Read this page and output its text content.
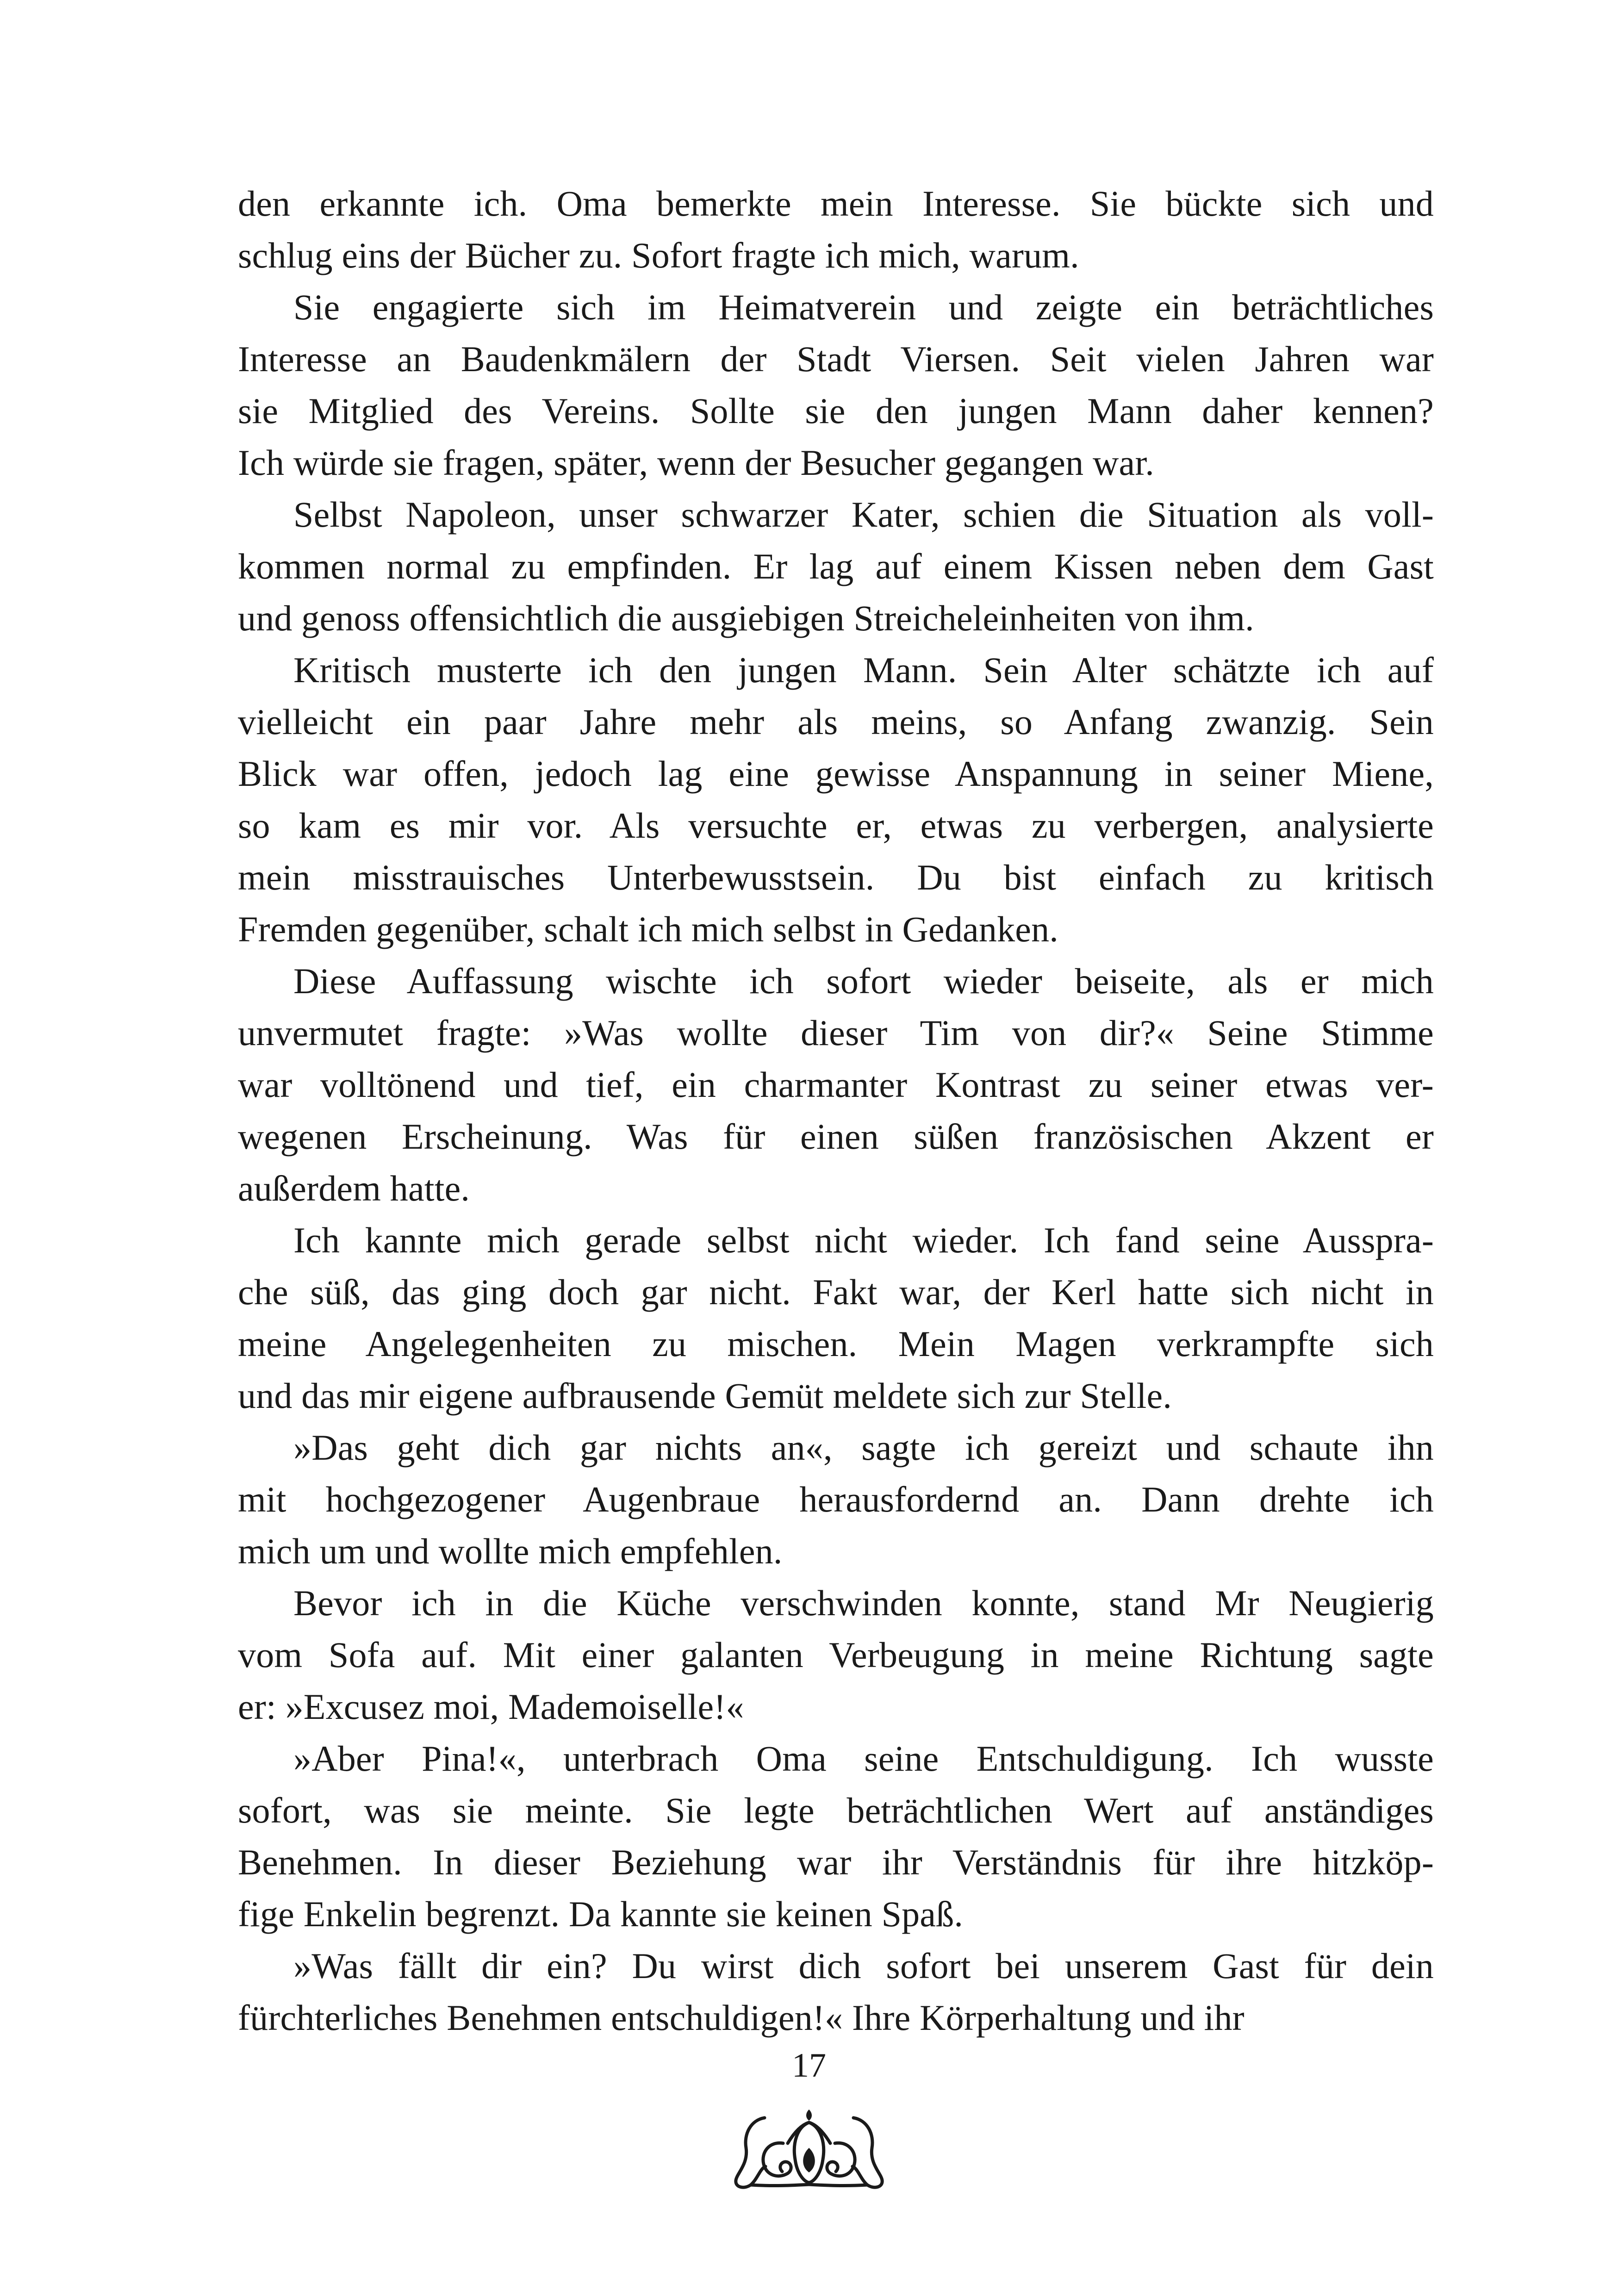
den erkannte ich. Oma bemerkte mein Interesse. Sie bückte sich und
schlug eins der Bücher zu. Sofort fragte ich mich, warum.
Sie engagierte sich im Heimatverein und zeigte ein beträchtliches
Interesse an Baudenkmälern der Stadt Viersen. Seit vielen Jahren war
sie Mitglied des Vereins. Sollte sie den jungen Mann daher kennen?
Ich würde sie fragen, später, wenn der Besucher gegangen war.
Selbst Napoleon, unser schwarzer Kater, schien die Situation als voll-
kommen normal zu empfinden. Er lag auf einem Kissen neben dem Gast
und genoss offensichtlich die ausgiebigen Streicheleinheiten von ihm.
Kritisch musterte ich den jungen Mann. Sein Alter schätzte ich auf
vielleicht ein paar Jahre mehr als meins, so Anfang zwanzig. Sein
Blick war offen, jedoch lag eine gewisse Anspannung in seiner Miene,
so kam es mir vor. Als versuchte er, etwas zu verbergen, analysierte
mein misstrauisches Unterbewusstsein. Du bist einfach zu kritisch
Fremden gegenüber, schalt ich mich selbst in Gedanken.
Diese Auffassung wischte ich sofort wieder beiseite, als er mich
unvermutet fragte: »Was wollte dieser Tim von dir?« Seine Stimme
war volltönend und tief, ein charmanter Kontrast zu seiner etwas ver-
wegenen Erscheinung. Was für einen süßen französischen Akzent er
außerdem hatte.
Ich kannte mich gerade selbst nicht wieder. Ich fand seine Ausspra-
che süß, das ging doch gar nicht. Fakt war, der Kerl hatte sich nicht in
meine Angelegenheiten zu mischen. Mein Magen verkrampfte sich
und das mir eigene aufbrausende Gemüt meldete sich zur Stelle.
»Das geht dich gar nichts an«, sagte ich gereizt und schaute ihn
mit hochgezogener Augenbraue herausfordernd an. Dann drehte ich
mich um und wollte mich empfehlen.
Bevor ich in die Küche verschwinden konnte, stand Mr Neugierig
vom Sofa auf. Mit einer galanten Verbeugung in meine Richtung sagte
er: »Excusez moi, Mademoiselle!«
»Aber Pina!«, unterbrach Oma seine Entschuldigung. Ich wusste
sofort, was sie meinte. Sie legte beträchtlichen Wert auf anständiges
Benehmen. In dieser Beziehung war ihr Verständnis für ihre hitzköp-
fige Enkelin begrenzt. Da kannte sie keinen Spaß.
»Was fällt dir ein? Du wirst dich sofort bei unserem Gast für dein
fürchterliches Benehmen entschuldigen!« Ihre Körperhaltung und ihr
17
